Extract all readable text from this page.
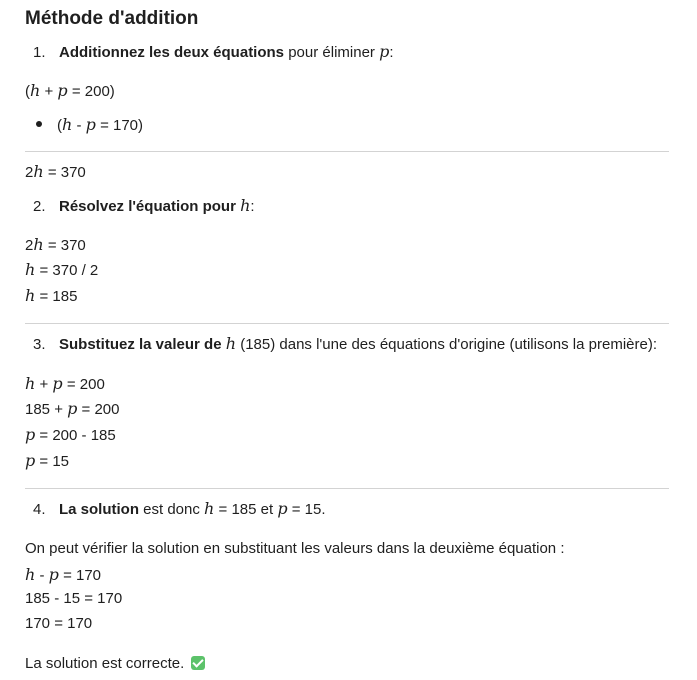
Méthode d'addition
1. Additionnez les deux équations pour éliminer p:
(h + p = 200)
(h - p = 170)
2h = 370
2. Résolvez l'équation pour h:
2h = 370
h = 370 / 2
h = 185
3. Substituez la valeur de h (185) dans l'une des équations d'origine (utilisons la première):
h + p = 200
185 + p = 200
p = 200 - 185
p = 15
4. La solution est donc h = 185 et p = 15.
On peut vérifier la solution en substituant les valeurs dans la deuxième équation :
h - p = 170
185 - 15 = 170
170 = 170
La solution est correcte.
